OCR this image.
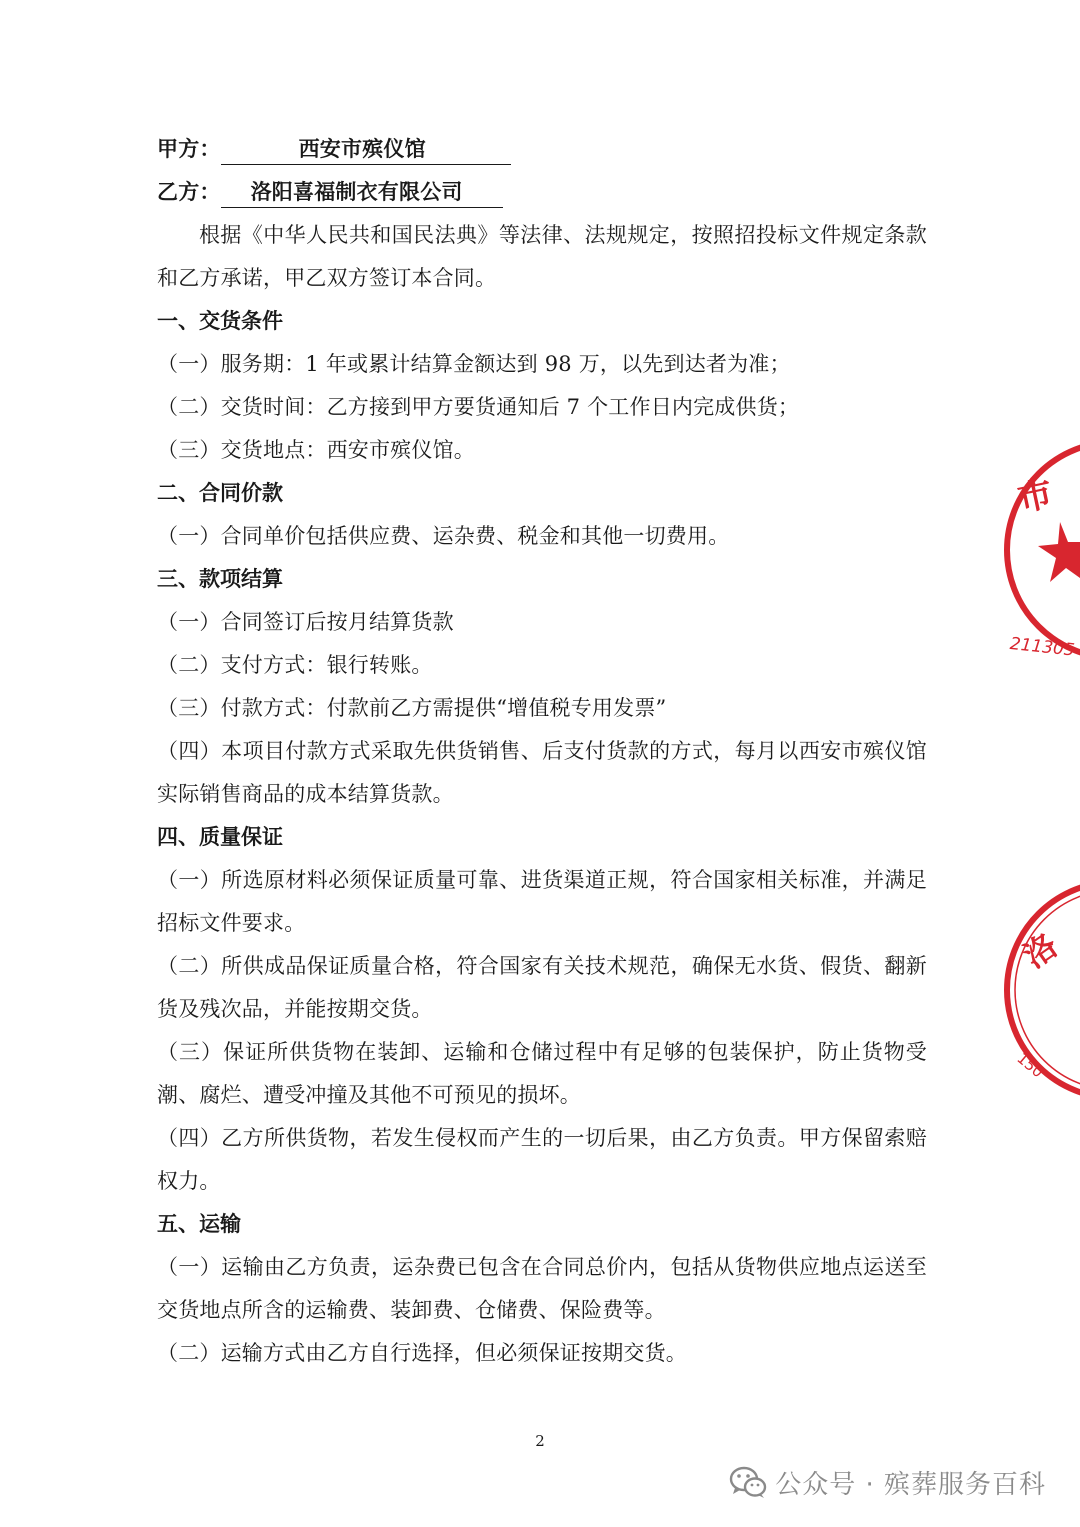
甲方：	西安市殡仪馆
乙方： 洛阳喜福制衣有限公司
根据《中华人民共和国民法典》等法律、法规规定，按照招投标文件规定条款和乙方承诺，甲乙双方签订本合同。
一、交货条件
（一）服务期：1 年或累计结算金额达到 98 万，以先到达者为准；
（二）交货时间：乙方接到甲方要货通知后 7 个工作日内完成供货；
（三）交货地点：西安市殡仪馆。
二、合同价款
（一）合同单价包括供应费、运杂费、税金和其他一切费用。
三、款项结算
（一）合同签订后按月结算货款
（二）支付方式：银行转账。
（三）付款方式：付款前乙方需提供“增值税专用发票”
（四）本项目付款方式采取先供货销售、后支付货款的方式，每月以西安市殡仪馆实际销售商品的成本结算货款。
四、质量保证
（一）所选原材料必须保证质量可靠、进货渠道正规，符合国家相关标准，并满足招标文件要求。
（二）所供成品保证质量合格，符合国家有关技术规范，确保无水货、假货、翻新货及残次品，并能按期交货。
（三）保证所供货物在装卸、运输和仓储过程中有足够的包装保护，防止货物受潮、腐烂、遭受冲撞及其他不可预见的损坏。
（四）乙方所供货物，若发生侵权而产生的一切后果，由乙方负责。甲方保留索赔权力。
五、运输
（一）运输由乙方负责，运杂费已包含在合同总价内，包括从货物供应地点运送至交货地点所含的运输费、装卸费、仓储费、保险费等。
（二）运输方式由乙方自行选择，但必须保证按期交货。
2
市
211305
洛
150
公众号 · 殡葬服务百科
